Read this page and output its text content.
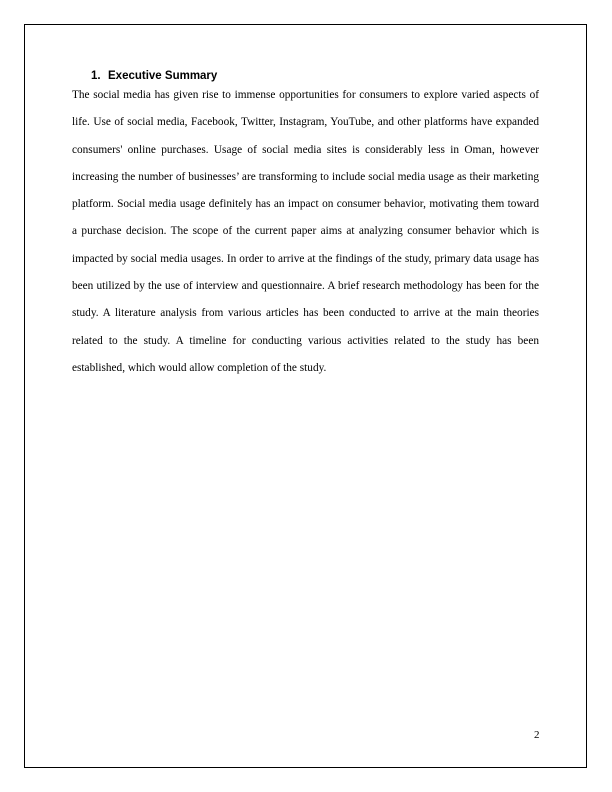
1. Executive Summary

The social media has given rise to immense opportunities for consumers to explore varied aspects of life. Use of social media, Facebook, Twitter, Instagram, YouTube, and other platforms have expanded consumers' online purchases. Usage of social media sites is considerably less in Oman, however increasing the number of businesses’ are transforming to include social media usage as their marketing platform. Social media usage definitely has an impact on consumer behavior, motivating them toward a purchase decision. The scope of the current paper aims at analyzing consumer behavior which is impacted by social media usages. In order to arrive at the findings of the study, primary data usage has been utilized by the use of interview and questionnaire. A brief research methodology has been for the study. A literature analysis from various articles has been conducted to arrive at the main theories related to the study. A timeline for conducting various activities related to the study has been established, which would allow completion of the study.

2
